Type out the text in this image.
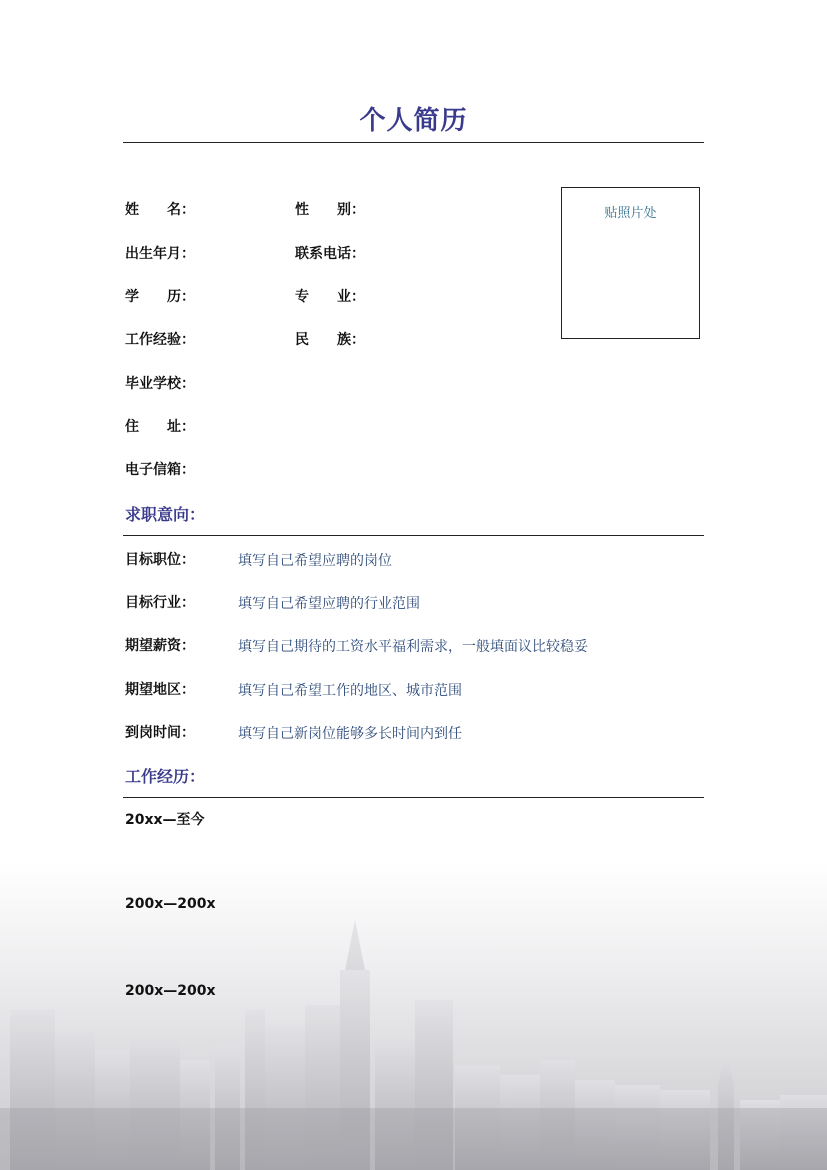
个人简历
贴照片处
姓　　名：	性　　别：
出生年月：	联系电话：
学　　历：	专　　业：
工作经验：	民　　族：
毕业学校：
住　　址：
电子信箱：
求职意向：
目标职位：	填写自己希望应聘的岗位
目标行业：	填写自己希望应聘的行业范围
期望薪资：	填写自己期待的工资水平福利需求，一般填面议比较稳妥
期望地区：	填写自己希望工作的地区、城市范围
到岗时间：	填写自己新岗位能够多长时间内到任
工作经历：
20xx—至今
200x—200x
200x—200x
